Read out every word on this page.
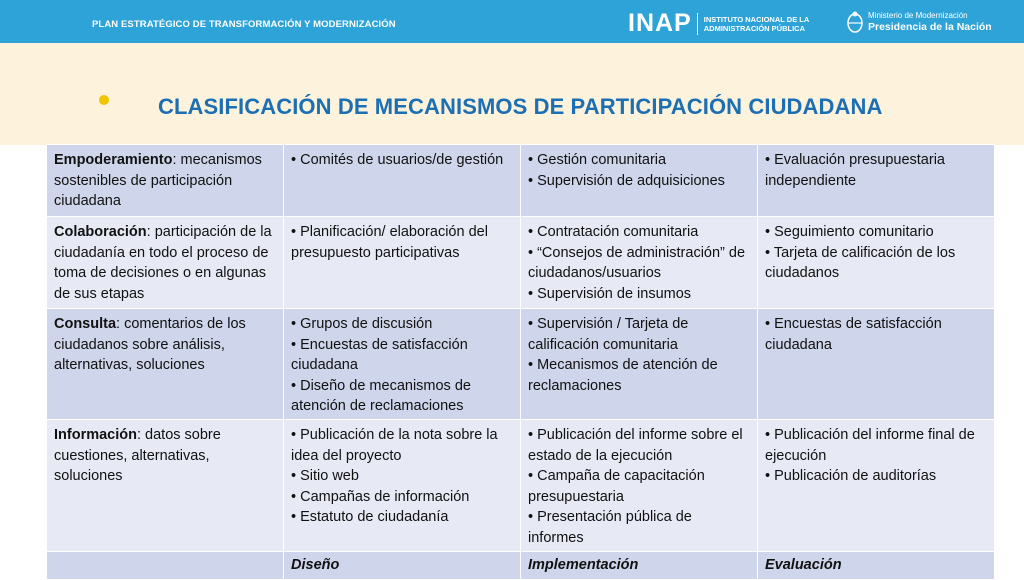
PLAN ESTRATÉGICO DE TRANSFORMACIÓN Y MODERNIZACIÓN	INAP INSTITUTO NACIONAL DE LA
ADMINISTRACIÓN PÚBLICA
Ministerio de Modernización
Presidencia de la Nación
CLASIFICACIÓN DE MECANISMOS DE PARTICIPACIÓN CIUDADANA
Empoderamiento: mecanismos sostenibles de participación ciudadana	• Comités de usuarios/de gestión	• Gestión comunitaria
• Supervisión de adquisiciones	• Evaluación presupuestaria independiente

Colaboración: participación de la ciudadanía en todo el proceso de toma de decisiones o en algunas de sus etapas	• Planificación/ elaboración del presupuesto participativas	• Contratación comunitaria
• “Consejos de administración” de ciudadanos/usuarios
• Supervisión de insumos	• Seguimiento comunitario
• Tarjeta de calificación de los ciudadanos

Consulta: comentarios de los ciudadanos sobre análisis, alternativas, soluciones	• Grupos de discusión
• Encuestas de satisfacción ciudadana
• Diseño de mecanismos de atención de reclamaciones	• Supervisión / Tarjeta de calificación comunitaria
• Mecanismos de atención de reclamaciones	• Encuestas de satisfacción ciudadana

Información: datos sobre cuestiones, alternativas, soluciones	• Publicación de la nota sobre la idea del proyecto
• Sitio web
• Campañas de información
• Estatuto de ciudadanía	• Publicación del informe sobre el estado de la ejecución
• Campaña de capacitación presupuestaria
• Presentación pública de informes	• Publicación del informe final de ejecución
• Publicación de auditorías

	Diseño	Implementación	Evaluación
